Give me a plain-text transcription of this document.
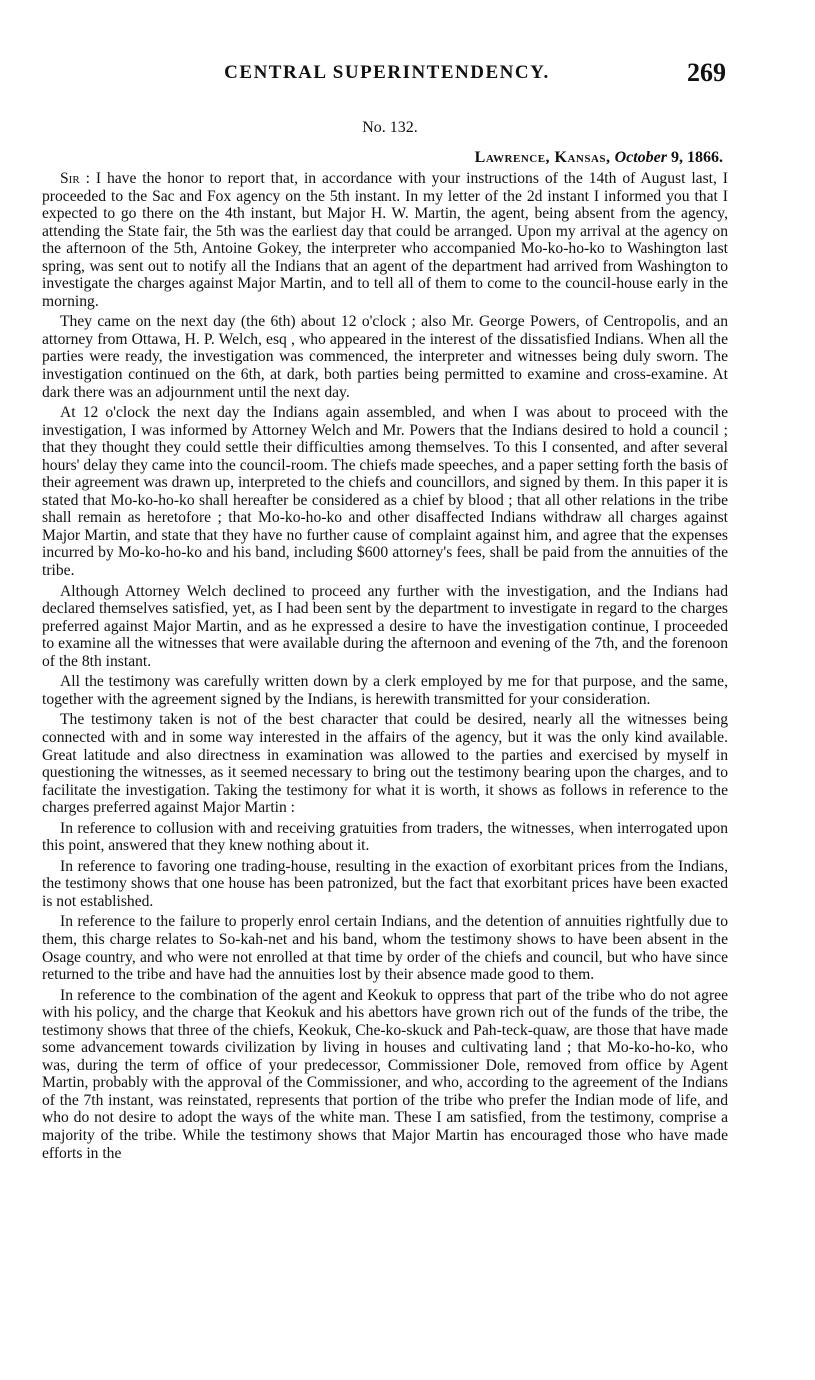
CENTRAL SUPERINTENDENCY.	269
No. 132.
Lawrence, Kansas, October 9, 1866.

Sir : I have the honor to report that, in accordance with your instructions of the 14th of August last, I proceeded to the Sac and Fox agency on the 5th instant. In my letter of the 2d instant I informed you that I expected to go there on the 4th instant, but Major H. W. Martin, the agent, being absent from the agency, attending the State fair, the 5th was the earliest day that could be arranged. Upon my arrival at the agency on the afternoon of the 5th, Antoine Gokey, the interpreter who accompanied Mo-ko-ho-ko to Washington last spring, was sent out to notify all the Indians that an agent of the department had arrived from Washington to investigate the charges against Major Martin, and to tell all of them to come to the council-house early in the morning.

They came on the next day (the 6th) about 12 o'clock ; also Mr. George Powers, of Centropolis, and an attorney from Ottawa, H. P. Welch, esq , who appeared in the interest of the dissatisfied Indians. When all the parties were ready, the investigation was commenced, the interpreter and witnesses being duly sworn. The investigation continued on the 6th, at dark, both parties being permitted to examine and cross-examine. At dark there was an adjournment until the next day.

At 12 o'clock the next day the Indians again assembled, and when I was about to proceed with the investigation, I was informed by Attorney Welch and Mr. Powers that the Indians desired to hold a council ; that they thought they could settle their difficulties among themselves. To this I consented, and after several hours' delay they came into the council-room. The chiefs made speeches, and a paper setting forth the basis of their agreement was drawn up, interpreted to the chiefs and councillors, and signed by them. In this paper it is stated that Mo-ko-ho-ko shall hereafter be considered as a chief by blood ; that all other relations in the tribe shall remain as heretofore ; that Mo-ko-ho-ko and other disaffected Indians withdraw all charges against Major Martin, and state that they have no further cause of complaint against him, and agree that the expenses incurred by Mo-ko-ho-ko and his band, including $600 attorney's fees, shall be paid from the annuities of the tribe.

Although Attorney Welch declined to proceed any further with the investigation, and the Indians had declared themselves satisfied, yet, as I had been sent by the department to investigate in regard to the charges preferred against Major Martin, and as he expressed a desire to have the investigation continue, I proceeded to examine all the witnesses that were available during the afternoon and evening of the 7th, and the forenoon of the 8th instant.

All the testimony was carefully written down by a clerk employed by me for that purpose, and the same, together with the agreement signed by the Indians, is herewith transmitted for your consideration.

The testimony taken is not of the best character that could be desired, nearly all the witnesses being connected with and in some way interested in the affairs of the agency, but it was the only kind available. Great latitude and also directness in examination was allowed to the parties and exercised by myself in questioning the witnesses, as it seemed necessary to bring out the testimony bearing upon the charges, and to facilitate the investigation. Taking the testimony for what it is worth, it shows as follows in reference to the charges preferred against Major Martin :

In reference to collusion with and receiving gratuities from traders, the witnesses, when interrogated upon this point, answered that they knew nothing about it.

In reference to favoring one trading-house, resulting in the exaction of exorbitant prices from the Indians, the testimony shows that one house has been patronized, but the fact that exorbitant prices have been exacted is not established.

In reference to the failure to properly enrol certain Indians, and the detention of annuities rightfully due to them, this charge relates to So-kah-net and his band, whom the testimony shows to have been absent in the Osage country, and who were not enrolled at that time by order of the chiefs and council, but who have since returned to the tribe and have had the annuities lost by their absence made good to them.

In reference to the combination of the agent and Keokuk to oppress that part of the tribe who do not agree with his policy, and the charge that Keokuk and his abettors have grown rich out of the funds of the tribe, the testimony shows that three of the chiefs, Keokuk, Che-ko-skuck and Pah-teck-quaw, are those that have made some advancement towards civilization by living in houses and cultivating land ; that Mo-ko-ho-ko, who was, during the term of office of your predecessor, Commissioner Dole, removed from office by Agent Martin, probably with the approval of the Commissioner, and who, according to the agreement of the Indians of the 7th instant, was reinstated, represents that portion of the tribe who prefer the Indian mode of life, and who do not desire to adopt the ways of the white man. These I am satisfied, from the testimony, comprise a majority of the tribe. While the testimony shows that Major Martin has encouraged those who have made efforts in the
